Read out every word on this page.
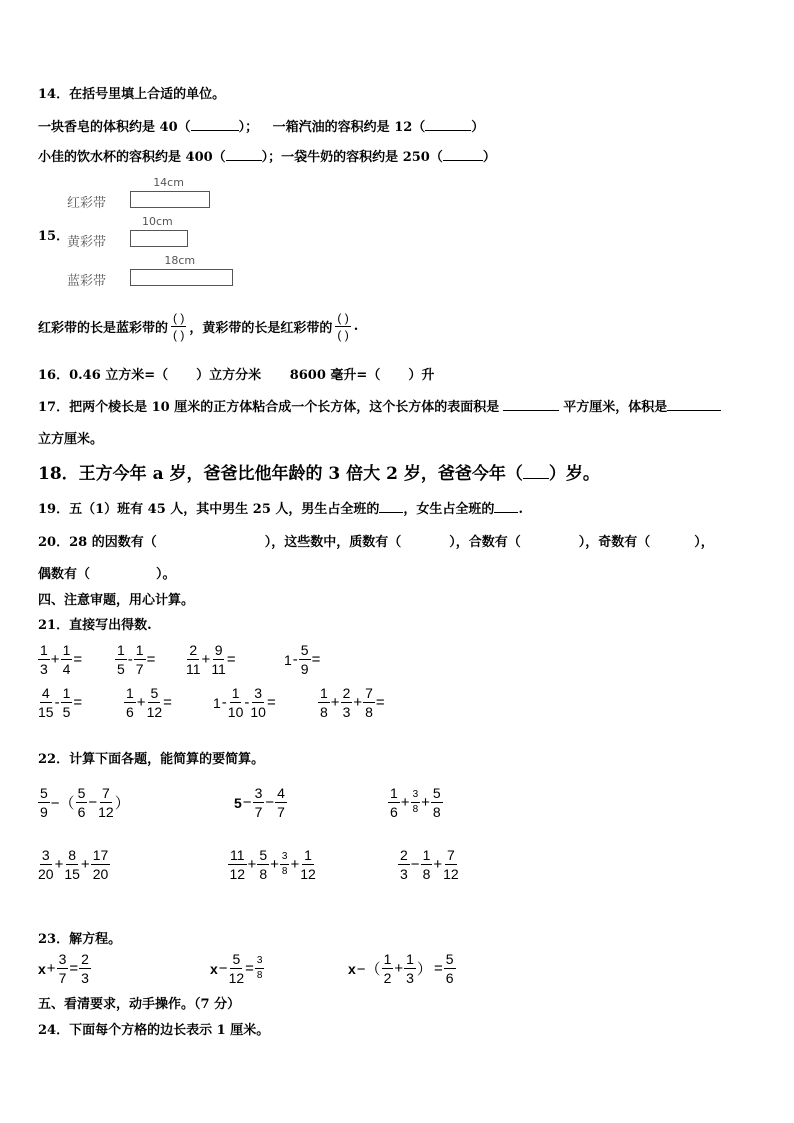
14．在括号里填上合适的单位。
一块香皂的体积约是 40（	）； 一箱汽油的容积约是 12（	）
小佳的饮水杯的容积约是 400（	）；一袋牛奶的容积约是 250（	）
15．
红彩带
14cm
黄彩带
10cm
蓝彩带
18cm
红彩带的长是蓝彩带的 $\frac{( )}{( )}$ ，黄彩带的长是红彩带的 $\frac{( )}{( )}$ .
16．0.46 立方米=（ ）立方分米 8600 毫升=（ ）升
17．把两个棱长是 10 厘米的正方体粘合成一个长方体，这个长方体的表面积是	平方厘米，体积是
立方厘米。
18．王方今年 a 岁，爸爸比他年龄的 3 倍大 2 岁，爸爸今年（ ）岁。
19．五（1）班有 45 人，其中男生 25 人，男生占全班的 ，女生占全班的 .
20．28 的因数有（	），这些数中，质数有（	），合数有（	），奇数有（	），
偶数有（	）。
四、注意审题，用心计算。
21．直接写出得数.
$\frac{1}{3} + \frac{1}{4} = \frac{1}{5} - \frac{1}{7} = \frac{2}{11} + \frac{9}{11}$ =	$1 - \frac{5}{9}$ =
$\frac{4}{15} - \frac{1}{5}$ =	$\frac{1}{6} + \frac{5}{12}$ =	$1 - \frac{1}{10} - \frac{3}{10}$ =	$\frac{1}{8} + \frac{2}{3} + \frac{7}{8}$ =
22．计算下面各题，能简算的要简算。
$\frac{5}{9}$ −（ $\frac{5}{6} - \frac{7}{12}$ ）	$5 - \frac{3}{7} - \frac{4}{7}$	$\frac{1}{6} + \frac{3}{8} + \frac{5}{8}$
$\frac{3}{20} + \frac{8}{15} + \frac{17}{20}$	$\frac{11}{12} + \frac{5}{8} + \frac{3}{8} + \frac{1}{12}$	$\frac{2}{3} - \frac{1}{8} + \frac{7}{12}$
23．解方程。
$x + \frac{3}{7} = \frac{2}{3}$	$x - \frac{5}{12} = \frac{3}{8}$	x −（ $\frac{1}{2} + \frac{1}{3}$ ） = $\frac{5}{6}$
五、看清要求，动手操作。（7 分）
24．下面每个方格的边长表示 1 厘米。
